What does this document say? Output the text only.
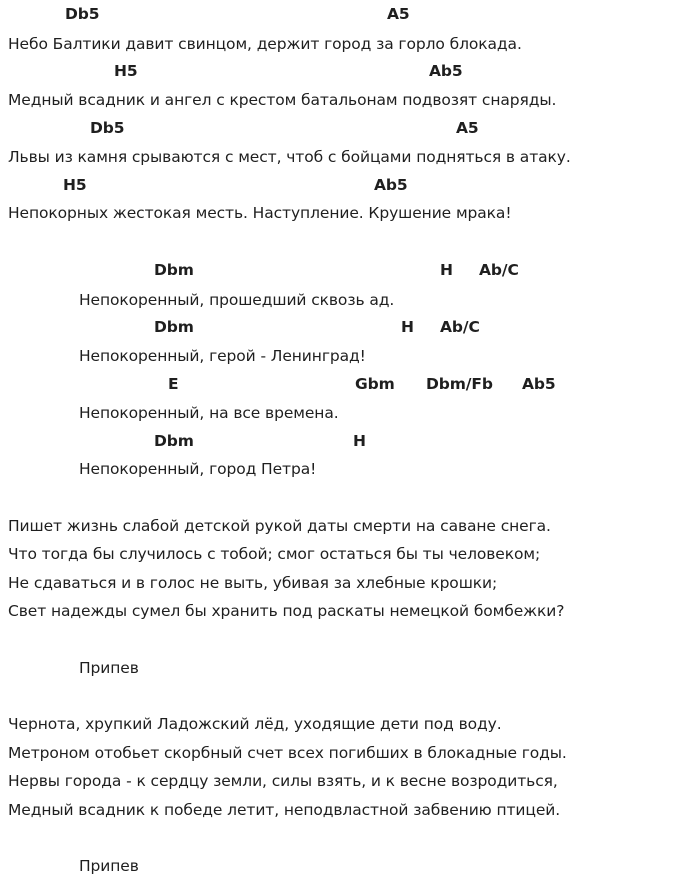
Db5	A5
Небо Балтики давит свинцом, держит город за горло блокада.
H5	Ab5
Медный всадник и ангел с крестом батальонам подвозят снаряды.
Db5	A5
Львы из камня срываются с мест, чтоб с бойцами подняться в атаку.
H5	Ab5
Непокорных жестокая месть. Наступление. Крушение мрака!
Dbm	H Ab/C
Непокоренный, прошедший сквозь ад.
Dbm	H Ab/C
Непокоренный, герой - Ленинград!
E	Gbm Dbm/Fb Ab5
Непокоренный, на все времена.
Dbm	H
Непокоренный, город Петра!
Пишет жизнь слабой детской рукой даты смерти на саване снега.
Что тогда бы случилось с тобой; смог остаться бы ты человеком;
Не сдаваться и в голос не выть, убивая за хлебные крошки;
Свет надежды сумел бы хранить под раскаты немецкой бомбежки?
Припев
Чернота, хрупкий Ладожский лёд, уходящие дети под воду.
Метроном отобьет скорбный счет всех погибших в блокадные годы.
Нервы города - к сердцу земли, силы взять, и к весне возродиться,
Медный всадник к победе летит, неподвластной забвению птицей.
Припев
